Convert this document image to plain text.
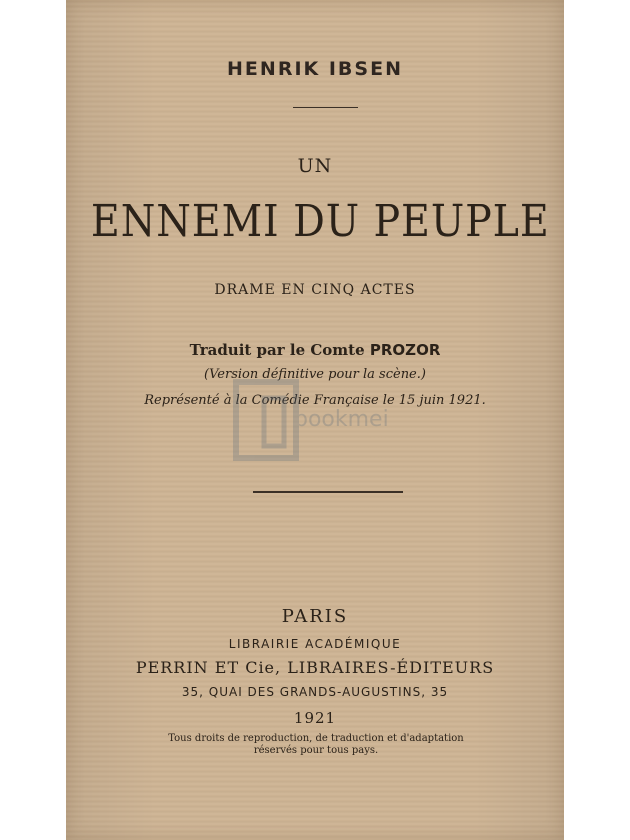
HENRIK IBSEN
UN
ENNEMI DU PEUPLE
DRAME EN CINQ ACTES
Traduit par le Comte PROZOR
(Version définitive pour la scène.)
Représenté à la Comédie Française le 15 juin 1921.
bookmei
PARIS
LIBRAIRIE ACADÉMIQUE
PERRIN ET Cie, LIBRAIRES-ÉDITEURS
35, QUAI DES GRANDS-AUGUSTINS, 35
1921
Tous droits de reproduction, de traduction et d'adaptation réservés pour tous pays.
